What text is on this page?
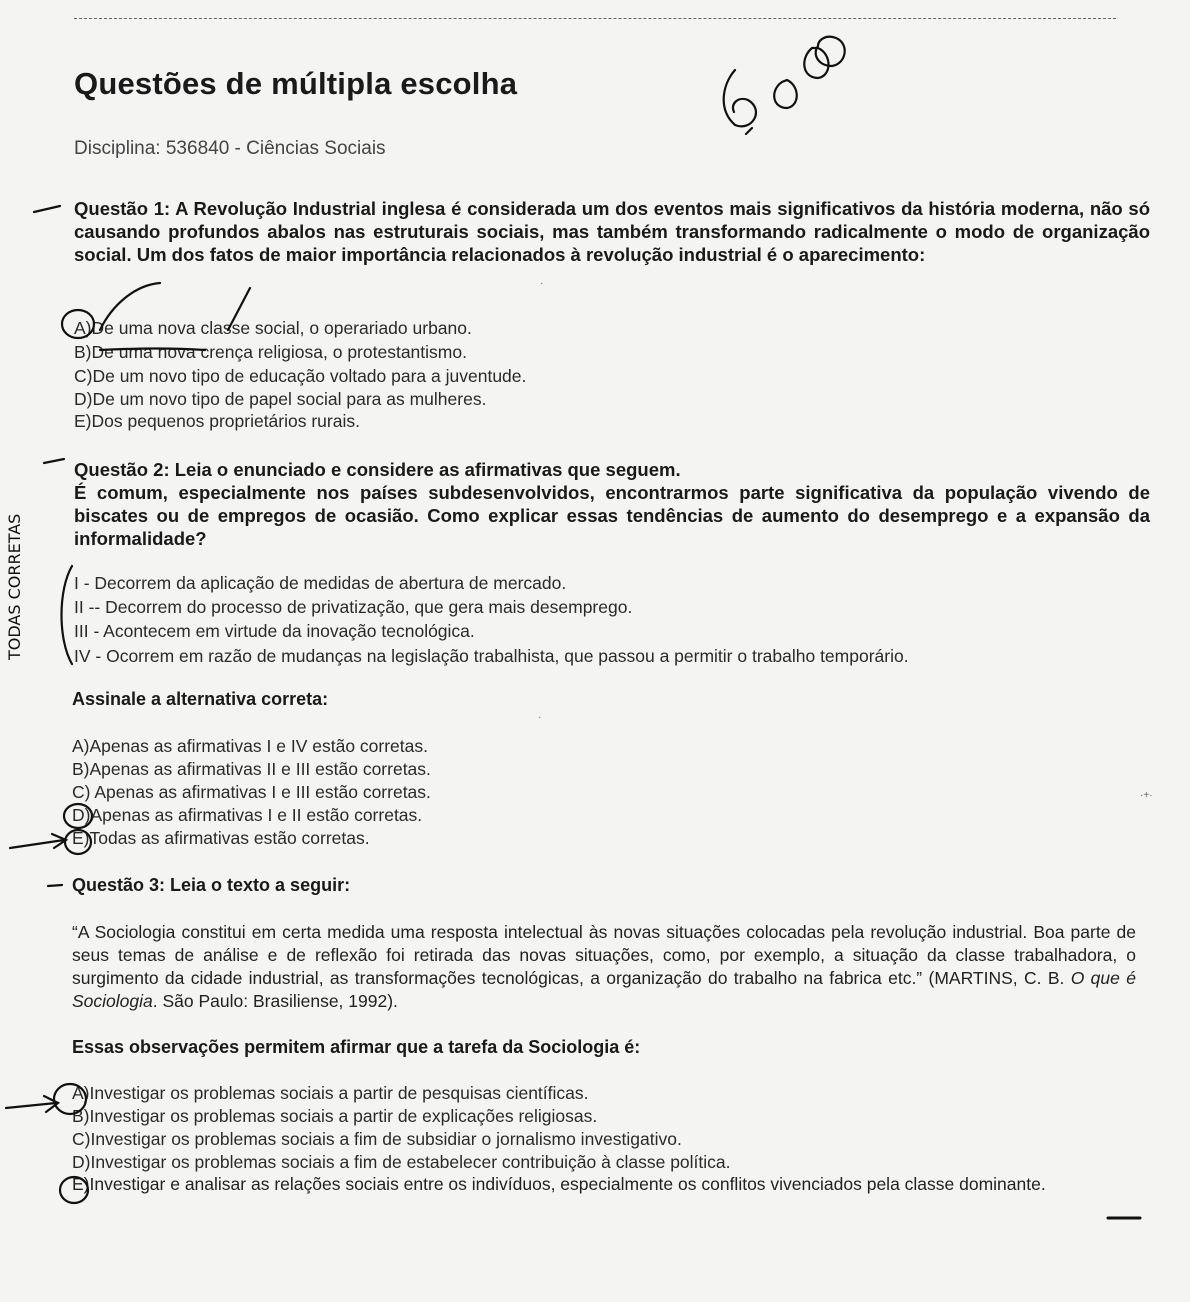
Questões de múltipla escolha
Disciplina: 536840 - Ciências Sociais
Questão 1: A Revolução Industrial inglesa é considerada um dos eventos mais significativos da história moderna, não só causando profundos abalos nas estruturais sociais, mas também transformando radicalmente o modo de organização social. Um dos fatos de maior importância relacionados à revolução industrial é o aparecimento:
A)De uma nova classe social, o operariado urbano.
B)De uma nova crença religiosa, o protestantismo.
C)De um novo tipo de educação voltado para a juventude.
D)De um novo tipo de papel social para as mulheres.
E)Dos pequenos proprietários rurais.
Questão 2: Leia o enunciado e considere as afirmativas que seguem.
É comum, especialmente nos países subdesenvolvidos, encontrarmos parte significativa da população vivendo de biscates ou de empregos de ocasião. Como explicar essas tendências de aumento do desemprego e a expansão da informalidade?
I - Decorrem da aplicação de medidas de abertura de mercado.
II -- Decorrem do processo de privatização, que gera mais desemprego.
III - Acontecem em virtude da inovação tecnológica.
IV - Ocorrem em razão de mudanças na legislação trabalhista, que passou a permitir o trabalho temporário.
Assinale a alternativa correta:
A)Apenas as afirmativas I e IV estão corretas.
B)Apenas as afirmativas II e III estão corretas.
C) Apenas as afirmativas I e III estão corretas.
D)Apenas as afirmativas I e II estão corretas.
E)Todas as afirmativas estão corretas.
Questão 3: Leia o texto a seguir:
“A Sociologia constitui em certa medida uma resposta intelectual às novas situações colocadas pela revolução industrial. Boa parte de seus temas de análise e de reflexão foi retirada das novas situações, como, por exemplo, a situação da classe trabalhadora, o surgimento da cidade industrial, as transformações tecnológicas, a organização do trabalho na fabrica etc.” (MARTINS, C. B. O que é Sociologia. São Paulo: Brasiliense, 1992).
Essas observações permitem afirmar que a tarefa da Sociologia é:
A)Investigar os problemas sociais a partir de pesquisas científicas.
B)Investigar os problemas sociais a partir de explicações religiosas.
C)Investigar os problemas sociais a fim de subsidiar o jornalismo investigativo.
D)Investigar os problemas sociais a fim de estabelecer contribuição à classe política.
E)Investigar e analisar as relações sociais entre os indivíduos, especialmente os conflitos vivenciados pela classe dominante.
·+·
·
·
TODAS CORRETAS
